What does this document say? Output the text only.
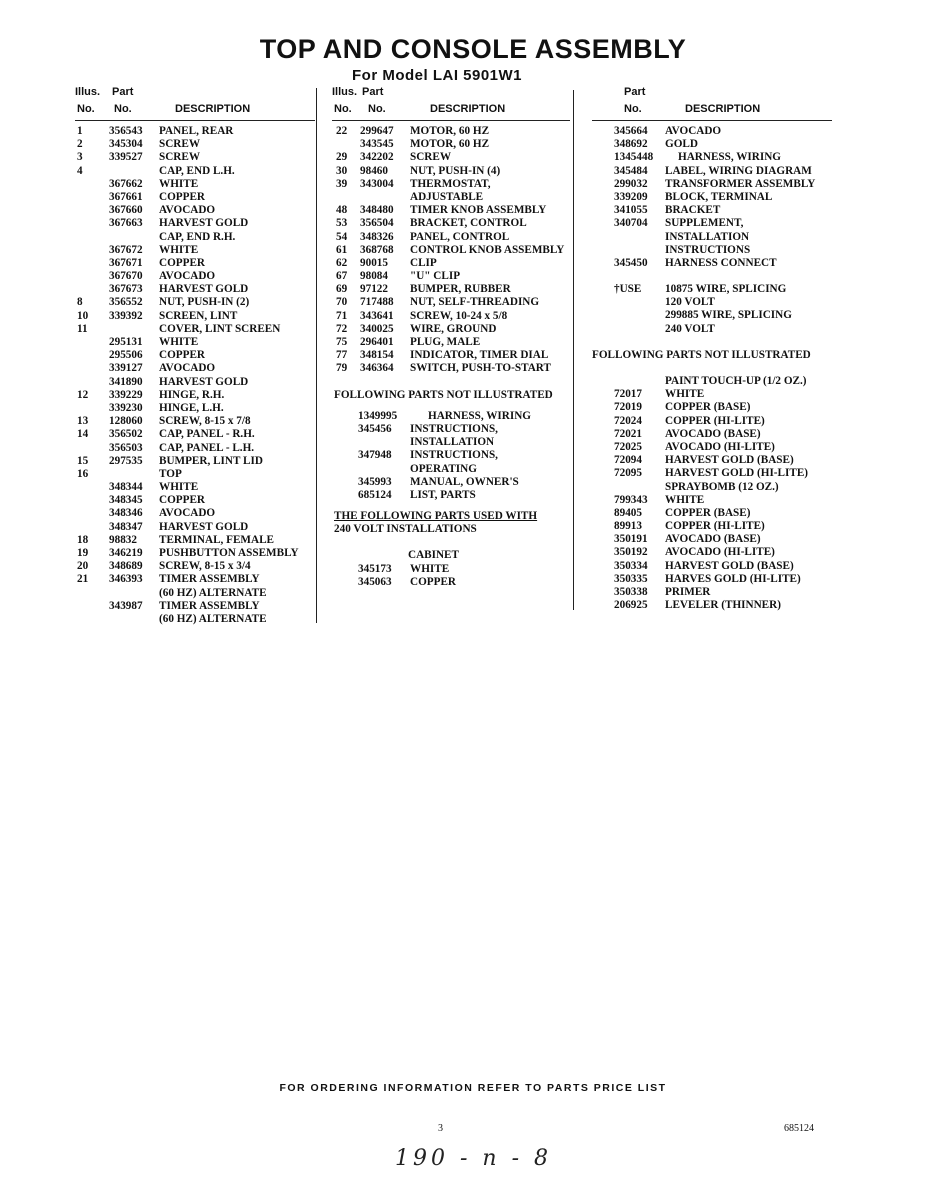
TOP AND CONSOLE ASSEMBLY
For Model LAI 5901W1
Illus. Part
No. No.	DESCRIPTION
1 356543 PANEL, REAR
2 345304 SCREW
3 339527 SCREW
4	CAP, END L.H.
367662 WHITE
367661 COPPER
367660 AVOCADO
367663 HARVEST GOLD
CAP, END R.H.
367672 WHITE
367671 COPPER
367670 AVOCADO
367673 HARVEST GOLD
8 356552 NUT, PUSH-IN (2)
10 339392 SCREEN, LINT
11	COVER, LINT SCREEN
295131 WHITE
295506 COPPER
339127 AVOCADO
341890 HARVEST GOLD
12 339229 HINGE, R.H.
339230 HINGE, L.H.
13 128060 SCREW, 8-15 x 7/8
14 356502 CAP, PANEL - R.H.
356503 CAP, PANEL - L.H.
15 297535 BUMPER, LINT LID
16	TOP
348344 WHITE
348345 COPPER
348346 AVOCADO
348347 HARVEST GOLD
18 98832 TERMINAL, FEMALE
19 346219 PUSHBUTTON ASSEMBLY
20 348689 SCREW, 8-15 x 3/4
21 346393 TIMER ASSEMBLY
(60 HZ) ALTERNATE
343987 TIMER ASSEMBLY
(60 HZ) ALTERNATE
Illus. Part
No. No.	DESCRIPTION
22 299647 MOTOR, 60 HZ
343545 MOTOR, 60 HZ
29 342202 SCREW
30 98460 NUT, PUSH-IN (4)
39 343004 THERMOSTAT,
ADJUSTABLE
48 348480 TIMER KNOB ASSEMBLY
53 356504 BRACKET, CONTROL
54 348326 PANEL, CONTROL
61 368768 CONTROL KNOB ASSEMBLY
62 90015 CLIP
67 98084 "U" CLIP
69 97122 BUMPER, RUBBER
70 717488 NUT, SELF-THREADING
71 343641 SCREW, 10-24 x 5/8
72 340025 WIRE, GROUND
75 296401 PLUG, MALE
77 348154 INDICATOR, TIMER DIAL
79 346364 SWITCH, PUSH-TO-START
FOLLOWING PARTS NOT ILLUSTRATED
1349995	HARNESS, WIRING
345456 INSTRUCTIONS,
INSTALLATION
347948 INSTRUCTIONS,
OPERATING
345993 MANUAL, OWNER'S
685124 LIST, PARTS
THE FOLLOWING PARTS USED WITH
240 VOLT INSTALLATIONS
CABINET
345173 WHITE
345063 COPPER
Part
No.	DESCRIPTION
345664 AVOCADO
348692 GOLD
1345448 HARNESS, WIRING
345484 LABEL, WIRING DIAGRAM
299032 TRANSFORMER ASSEMBLY
339209 BLOCK, TERMINAL
341055 BRACKET
340704 SUPPLEMENT,
INSTALLATION
INSTRUCTIONS
345450 HARNESS CONNECT
†USE 10875 WIRE, SPLICING
120 VOLT
299885 WIRE, SPLICING
240 VOLT
FOLLOWING PARTS NOT ILLUSTRATED
PAINT TOUCH-UP (1/2 OZ.)
72017 WHITE
72019 COPPER (BASE)
72024 COPPER (HI-LITE)
72021 AVOCADO (BASE)
72025 AVOCADO (HI-LITE)
72094 HARVEST GOLD (BASE)
72095 HARVEST GOLD (HI-LITE)
SPRAYBOMB (12 OZ.)
799343 WHITE
89405 COPPER (BASE)
89913 COPPER (HI-LITE)
350191 AVOCADO (BASE)
350192 AVOCADO (HI-LITE)
350334 HARVEST GOLD (BASE)
350335 HARVES GOLD (HI-LITE)
350338 PRIMER
206925 LEVELER (THINNER)
FOR ORDERING INFORMATION REFER TO PARTS PRICE LIST
3	685124
190 - n - 8
